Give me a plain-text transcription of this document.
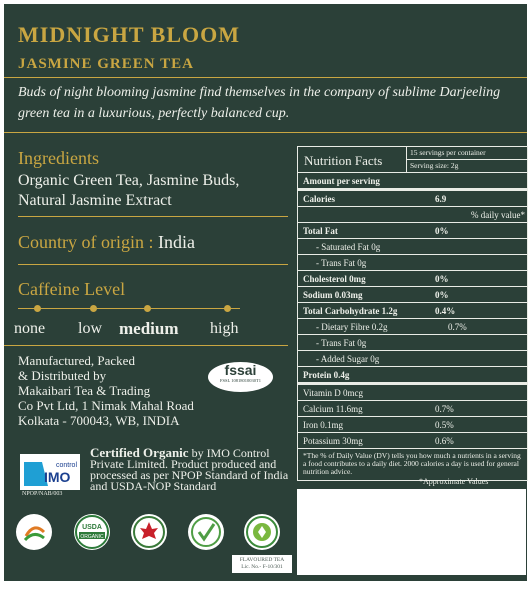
MIDNIGHT BLOOM
JASMINE GREEN TEA
Buds of night blooming jasmine find themselves in the company of sublime Darjeeling green tea in a luxurious, perfectly balanced cup.
Ingredients
Organic Green Tea, Jasmine Buds, Natural Jasmine Extract
Country of origin : India
Caffeine Level
none low medium high
Manufactured, Packed
& Distributed by
Makaibari Tea & Trading
Co Pvt Ltd, 1 Nimak Mahal Road
Kolkata - 700043, WB, INDIA
fssai
FSSL 10818010030T1
IMO
control
NPOP/NAB/003
Certified Organic by IMO Control Private Limited. Product produced and processed as per NPOP Standard of India and USDA-NOP Standard
USDA
ORGANIC
FLAVOURED TEA
Lic. No.- F-10/301
Nutrition Facts
15 servings per container
Serving size: 2g
Amount per serving
Calories	6.9
% daily value*
Total Fat	0%
- Saturated Fat 0g
- Trans Fat 0g
Cholesterol 0mg	0%
Sodium 0.03mg	0%
Total Carbohydrate 1.2g	0.4%
- Dietary Fibre 0.2g	0.7%
- Trans Fat 0g
- Added Sugar 0g
Protein 0.4g
Vitamin D 0mcg
Calcium 11.6mg	0.7%
Iron 0.1mg	0.5%
Potassium 30mg	0.6%
*The % of Daily Value (DV) tells you how much a nutrients in a serving a food contributes to a daily diet. 2000 calories a day is used for general nutrition advice.
*Approximate Values
